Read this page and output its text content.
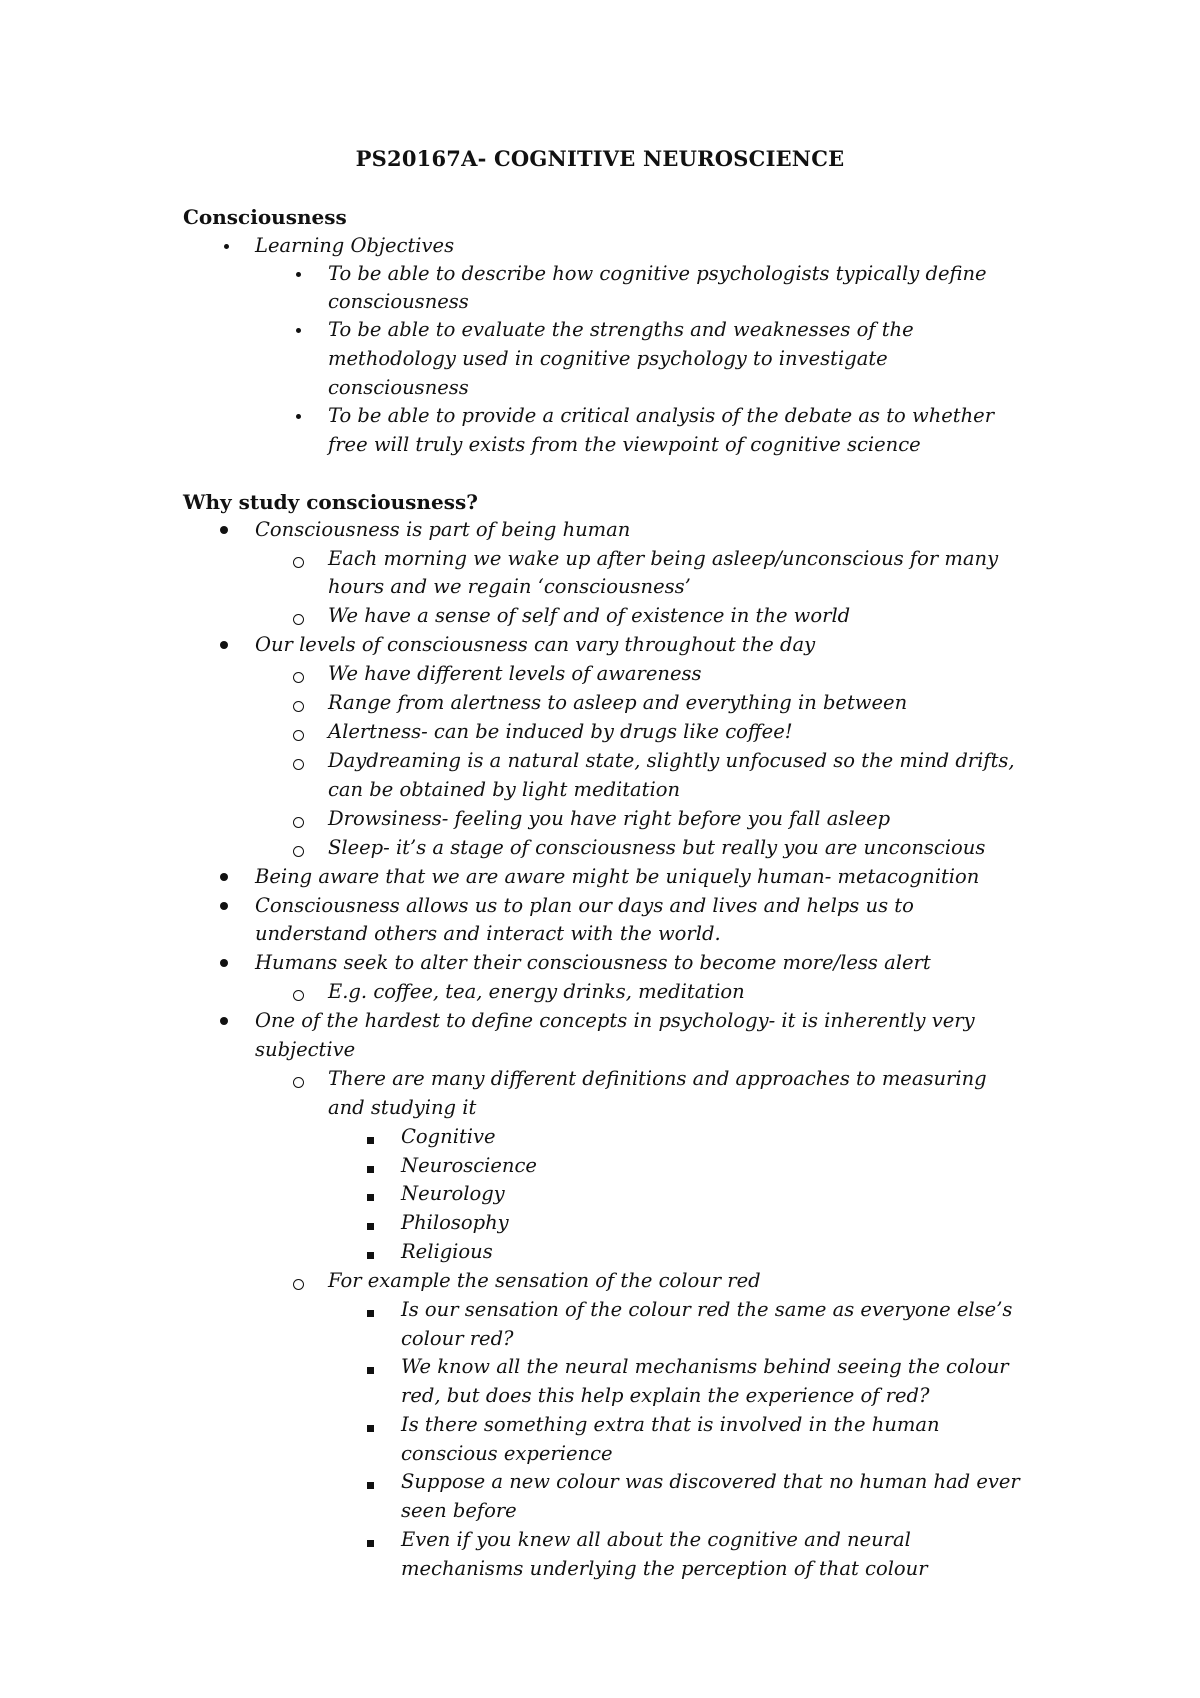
PS20167A- COGNITIVE NEUROSCIENCE
Consciousness
Learning Objectives
To be able to describe how cognitive psychologists typically define
consciousness
To be able to evaluate the strengths and weaknesses of the
methodology used in cognitive psychology to investigate
consciousness
To be able to provide a critical analysis of the debate as to whether
free will truly exists from the viewpoint of cognitive science
Why study consciousness?
Consciousness is part of being human
Each morning we wake up after being asleep/unconscious for many
hours and we regain ‘consciousness’
We have a sense of self and of existence in the world
Our levels of consciousness can vary throughout the day
We have different levels of awareness
Range from alertness to asleep and everything in between
Alertness- can be induced by drugs like coffee!
Daydreaming is a natural state, slightly unfocused so the mind drifts,
can be obtained by light meditation
Drowsiness- feeling you have right before you fall asleep
Sleep- it’s a stage of consciousness but really you are unconscious
Being aware that we are aware might be uniquely human- metacognition
Consciousness allows us to plan our days and lives and helps us to
understand others and interact with the world.
Humans seek to alter their consciousness to become more/less alert
E.g. coffee, tea, energy drinks, meditation
One of the hardest to define concepts in psychology- it is inherently very
subjective
There are many different definitions and approaches to measuring
and studying it
Cognitive
Neuroscience
Neurology
Philosophy
Religious
For example the sensation of the colour red
Is our sensation of the colour red the same as everyone else’s
colour red?
We know all the neural mechanisms behind seeing the colour
red, but does this help explain the experience of red?
Is there something extra that is involved in the human
conscious experience
Suppose a new colour was discovered that no human had ever
seen before
Even if you knew all about the cognitive and neural
mechanisms underlying the perception of that colour
